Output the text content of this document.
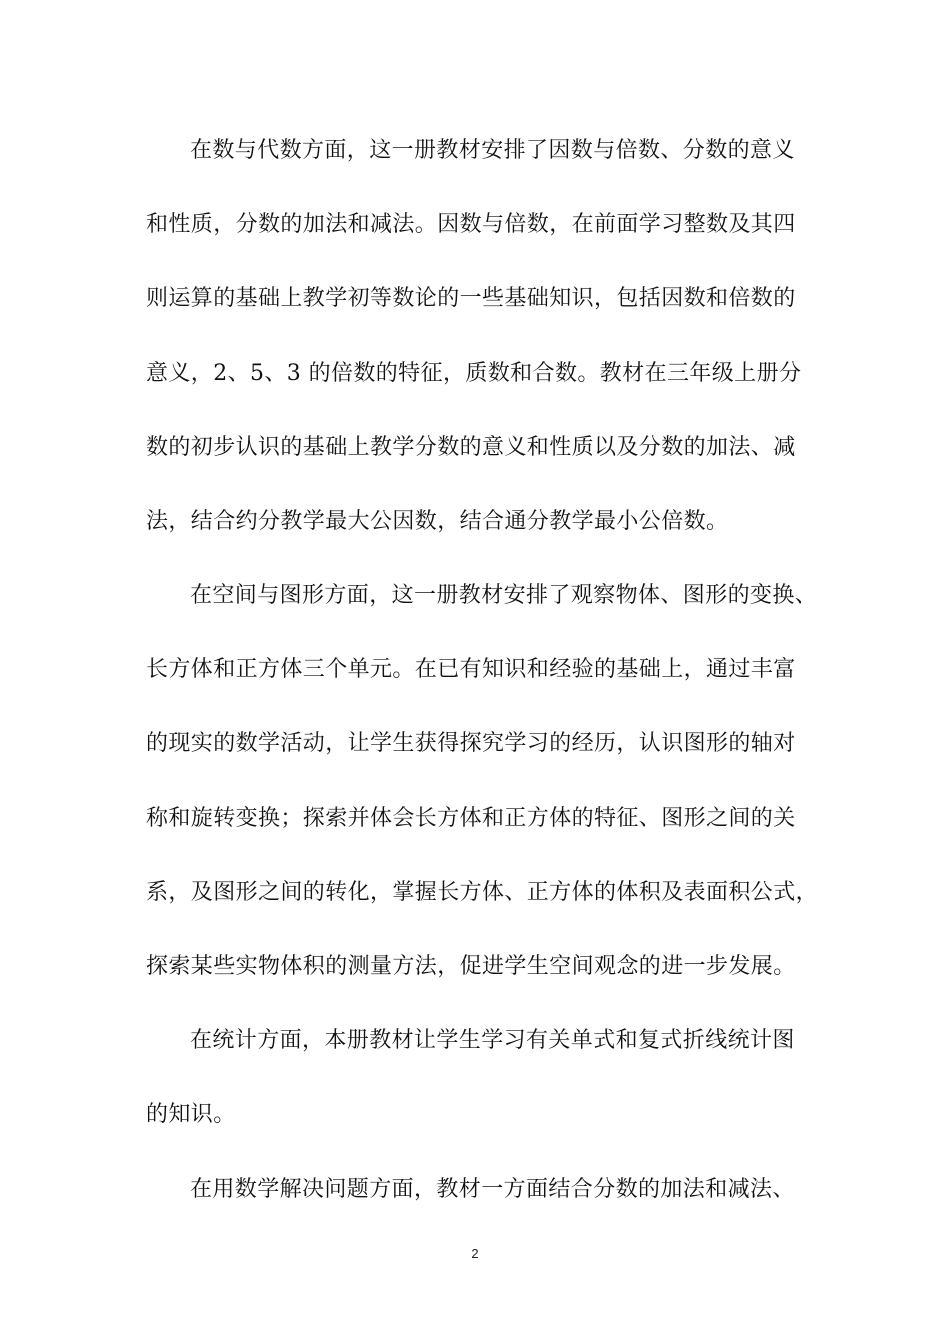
在数与代数方面，这一册教材安排了因数与倍数、分数的意义
和性质，分数的加法和减法。因数与倍数，在前面学习整数及其四
则运算的基础上教学初等数论的一些基础知识，包括因数和倍数的
意义，2、5、3 的倍数的特征，质数和合数。教材在三年级上册分
数的初步认识的基础上教学分数的意义和性质以及分数的加法、减
法，结合约分教学最大公因数，结合通分教学最小公倍数。
在空间与图形方面，这一册教材安排了观察物体、图形的变换、
长方体和正方体三个单元。在已有知识和经验的基础上，通过丰富
的现实的数学活动，让学生获得探究学习的经历，认识图形的轴对
称和旋转变换；探索并体会长方体和正方体的特征、图形之间的关
系，及图形之间的转化，掌握长方体、正方体的体积及表面积公式，
探索某些实物体积的测量方法，促进学生空间观念的进一步发展。
在统计方面，本册教材让学生学习有关单式和复式折线统计图
的知识。
在用数学解决问题方面，教材一方面结合分数的加法和减法、
2
